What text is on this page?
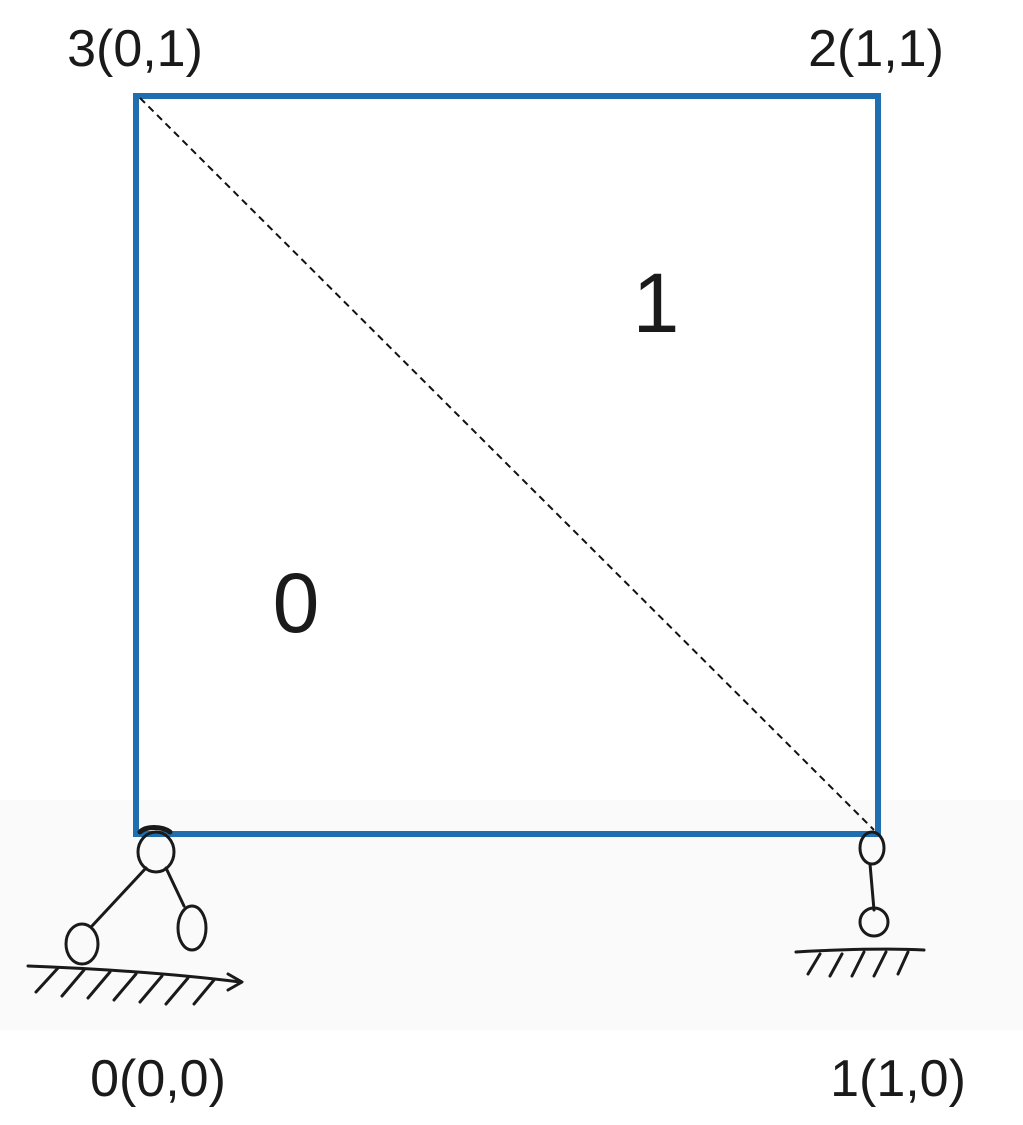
0
1
3(0,1)	2(1,1)
0(0,0)	1(1,0)
